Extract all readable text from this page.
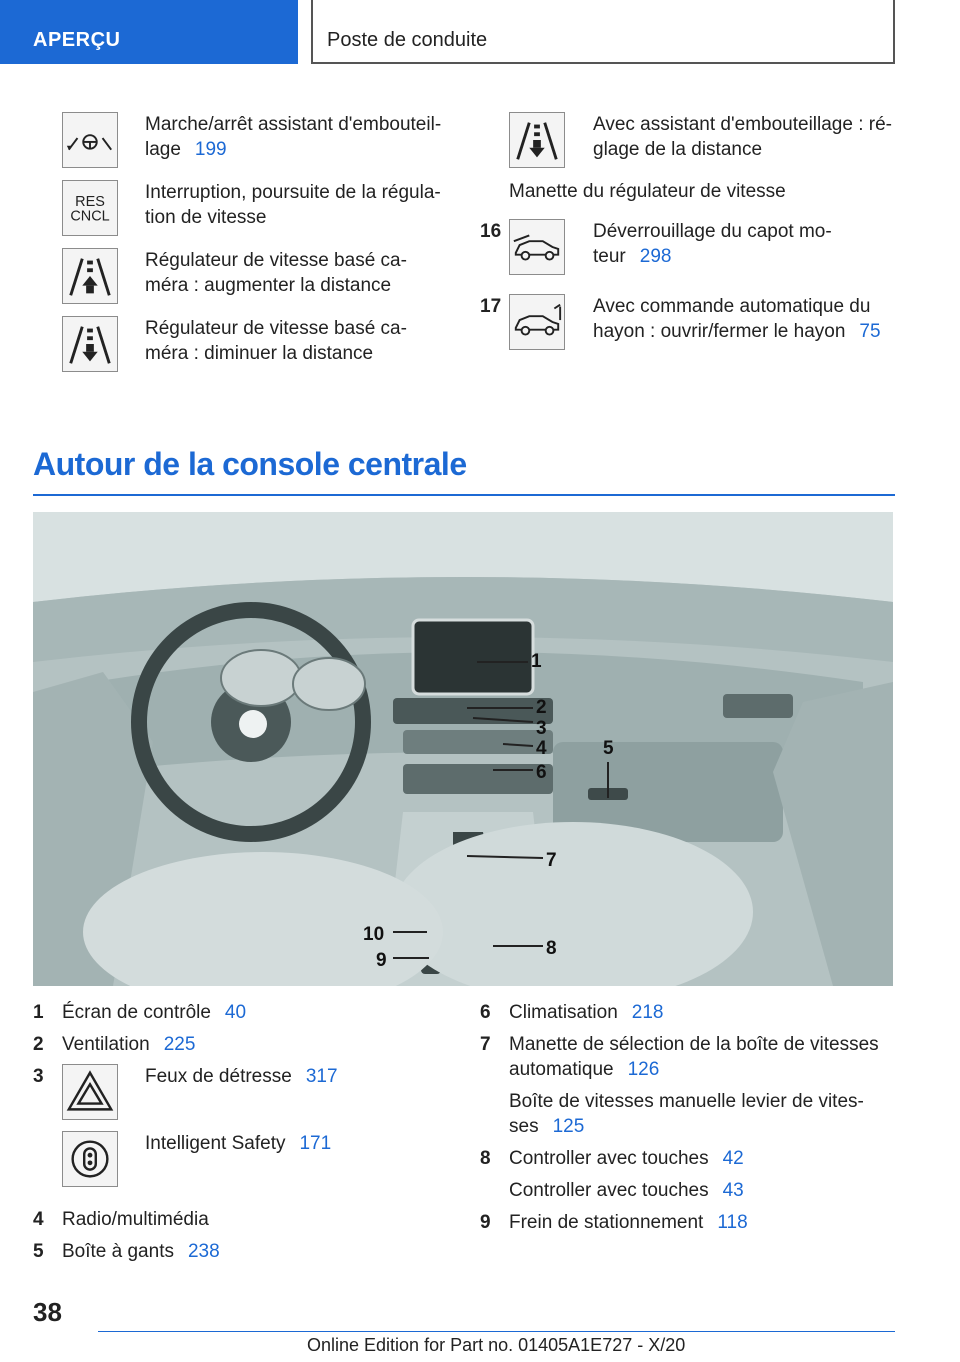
APERÇU	Poste de conduite
Marche/arrêt assistant d'embouteil-
lage 199
RES
CNCL
Interruption, poursuite de la régula-
tion de vitesse
Régulateur de vitesse basé ca-
méra : augmenter la distance
Régulateur de vitesse basé ca-
méra : diminuer la distance
Avec assistant d'embouteillage : ré-
glage de la distance
Manette du régulateur de vitesse
16	Déverrouillage du capot mo-
teur 298
17	Avec commande automatique du
hayon : ouvrir/fermer le hayon 75
Autour de la console centrale
1
2
3
4	5
6
7
8
9
10
1 Écran de contrôle 40
2 Ventilation 225
3	Feux de détresse 317
Intelligent Safety 171
4 Radio/multimédia
5 Boîte à gants 238
6 Climatisation 218
7 Manette de sélection de la boîte de vitesses
automatique 126
Boîte de vitesses manuelle levier de vites-
ses 125
8 Controller avec touches 42
Controller avec touches 43
9 Frein de stationnement 118
38
Online Edition for Part no. 01405A1E727 - X/20
